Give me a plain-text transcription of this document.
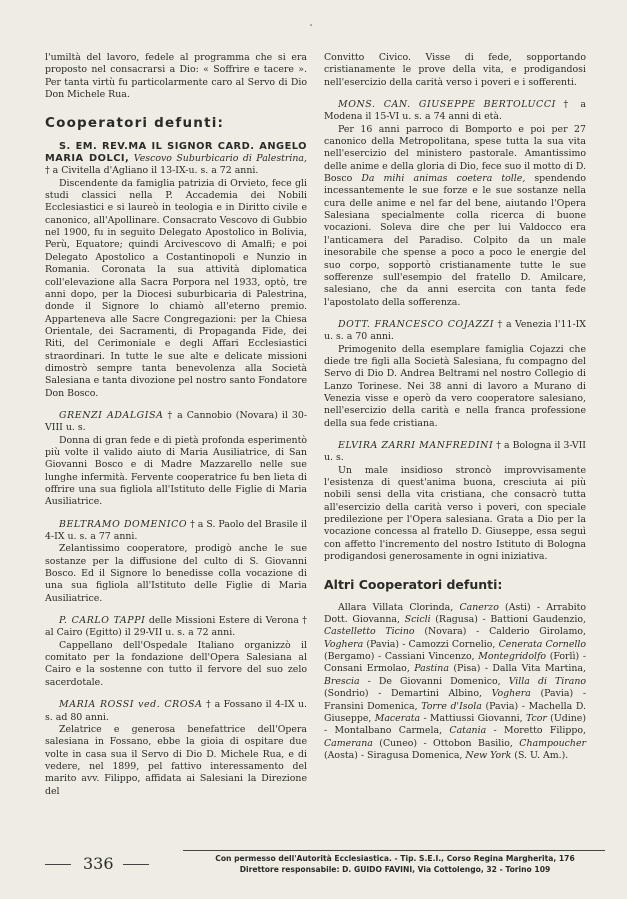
•

l'umiltà del lavoro, fedele al programma che si era proposto nel consacrarsi a Dio: « Soffrire e tacere ». Per tanta virtù fu particolarmente caro al Servo di Dio Don Michele Rua.

Cooperatori defunti:

S. EM. REV.MA IL SIGNOR CARD. ANGELO MARIA DOLCI, Vescovo Suburbicario di Palestrina, † a Civitella d'Agliano il 13-IX-u. s. a 72 anni.

Discendente da famiglia patrizia di Orvieto, fece gli studi classici nella P. Accademia dei Nobili Ecclesiastici e si laureò in teologia e in Diritto civile e canonico, all'Apollinare. Consacrato Vescovo di Gubbio nel 1900, fu in seguito Delegato Apostolico in Bolivia, Perù, Equatore; quindi Arcivescovo di Amalfi; e poi Delegato Apostolico a Costantinopoli e Nunzio in Romania. Coronata la sua attività diplomatica coll'elevazione alla Sacra Porpora nel 1933, optò, tre anni dopo, per la Diocesi suburbicaria di Palestrina, donde il Signore lo chiamò all'eterno premio. Apparteneva alle Sacre Congregazioni: per la Chiesa Orientale, dei Sacramenti, di Propaganda Fide, dei Riti, del Cerimoniale e degli Affari Ecclesiastici straordinari. In tutte le sue alte e delicate missioni dimostrò sempre tanta benevolenza alla Società Salesiana e tanta divozione pel nostro santo Fondatore Don Bosco.

GRENZI ADALGISA † a Cannobio (Novara) il 30-VIII u. s.

Donna di gran fede e di pietà profonda esperimentò più volte il valido aiuto di Maria Ausiliatrice, di San Giovanni Bosco e di Madre Mazzarello nelle sue lunghe infermità. Fervente cooperatrice fu ben lieta di offrire una sua figliola all'Istituto delle Figlie di Maria Ausiliatrice.

BELTRAMO DOMENICO † a S. Paolo del Brasile il 4-IX u. s. a 77 anni.

Zelantissimo cooperatore, prodigò anche le sue sostanze per la diffusione del culto di S. Giovanni Bosco. Ed il Signore lo benedisse colla vocazione di una sua figliola all'Istituto delle Figlie di Maria Ausiliatrice.

P. CARLO TAPPI delle Missioni Estere di Verona † al Cairo (Egitto) il 29-VII u. s. a 72 anni.

Cappellano dell'Ospedale Italiano organizzò il comitato per la fondazione dell'Opera Salesiana al Cairo e la sostenne con tutto il fervore del suo zelo sacerdotale.

MARIA ROSSI ved. CROSA † a Fossano il 4-IX u. s. ad 80 anni.

Zelatrice e generosa benefattrice dell'Opera salesiana in Fossano, ebbe la gioia di ospitare due volte in casa sua il Servo di Dio D. Michele Rua, e di vedere, nel 1899, pel fattivo interessamento del marito avv. Filippo, affidata ai Salesiani la Direzione del

Convitto Civico. Visse di fede, sopportando cristianamente le prove della vita, e prodigandosi nell'esercizio della carità verso i poveri e i sofferenti.

MONS. CAN. GIUSEPPE BERTOLUCCI † a Modena il 15-VI u. s. a 74 anni di età.

Per 16 anni parroco di Bomporto e poi per 27 canonico della Metropolitana, spese tutta la sua vita nell'esercizio del ministero pastorale. Amantissimo delle anime e della gloria di Dio, fece suo il motto di D. Bosco Da mihi animas coetera tolle, spendendo incessantemente le sue forze e le sue sostanze nella cura delle anime e nel far del bene, aiutando l'Opera Salesiana specialmente colla ricerca di buone vocazioni. Soleva dire che per lui Valdocco era l'anticamera del Paradiso. Colpito da un male inesorabile che spense a poco a poco le energie del suo corpo, sopportò cristianamente tutte le sue sofferenze sull'esempio del fratello D. Amilcare, salesiano, che da anni esercita con tanta fede l'apostolato della sofferenza.

DOTT. FRANCESCO COJAZZI † a Venezia l'11-IX u. s. a 70 anni.

Primogenito della esemplare famiglia Cojazzi che diede tre figli alla Società Salesiana, fu compagno del Servo di Dio D. Andrea Beltrami nel nostro Collegio di Lanzo Torinese. Nei 38 anni di lavoro a Murano di Venezia visse e operò da vero cooperatore salesiano, nell'esercizio della carità e nella franca professione della sua fede cristiana.

ELVIRA ZARRI MANFREDINI † a Bologna il 3-VII u. s.

Un male insidioso stroncò improvvisamente l'esistenza di quest'anima buona, cresciuta ai più nobili sensi della vita cristiana, che consacrò tutta all'esercizio della carità verso i poveri, con speciale predilezione per l'Opera salesiana. Grata a Dio per la vocazione concessa al fratello D. Giuseppe, essa seguì con affetto l'incremento del nostro Istituto di Bologna prodigandosi generosamente in ogni iniziativa.

Altri Cooperatori defunti:

Allara Villata Clorinda, Canerzo (Asti) - Arrabito Dott. Giovanna, Scicli (Ragusa) - Battioni Gaudenzio, Castelletto Ticino (Novara) - Calderio Girolamo, Voghera (Pavia) - Camozzi Cornelio, Cenerata Cornello (Bergamo) - Cassiani Vincenzo, Montegridolfo (Forlì) - Consani Ermolao, Pastina (Pisa) - Dalla Vita Martina, Brescia - De Giovanni Domenico, Villa di Tirano (Sondrio) - Demartini Albino, Voghera (Pavia) - Fransini Domenica, Torre d'Isola (Pavia) - Machella D. Giuseppe, Macerata - Mattiussi Giovanni, Tcor (Udine) - Montalbano Carmela, Catania - Moretto Filippo, Camerana (Cuneo) - Ottobon Basilio, Champoucher (Aosta) - Siragusa Domenica, New York (S. U. Am.).

336	Con permesso dell'Autorità Ecclesiastica. - Tip. S.E.I., Corso Regina Margherita, 176
Direttore responsabile: D. GUIDO FAVINI, Via Cottolengo, 32 - Torino 109
